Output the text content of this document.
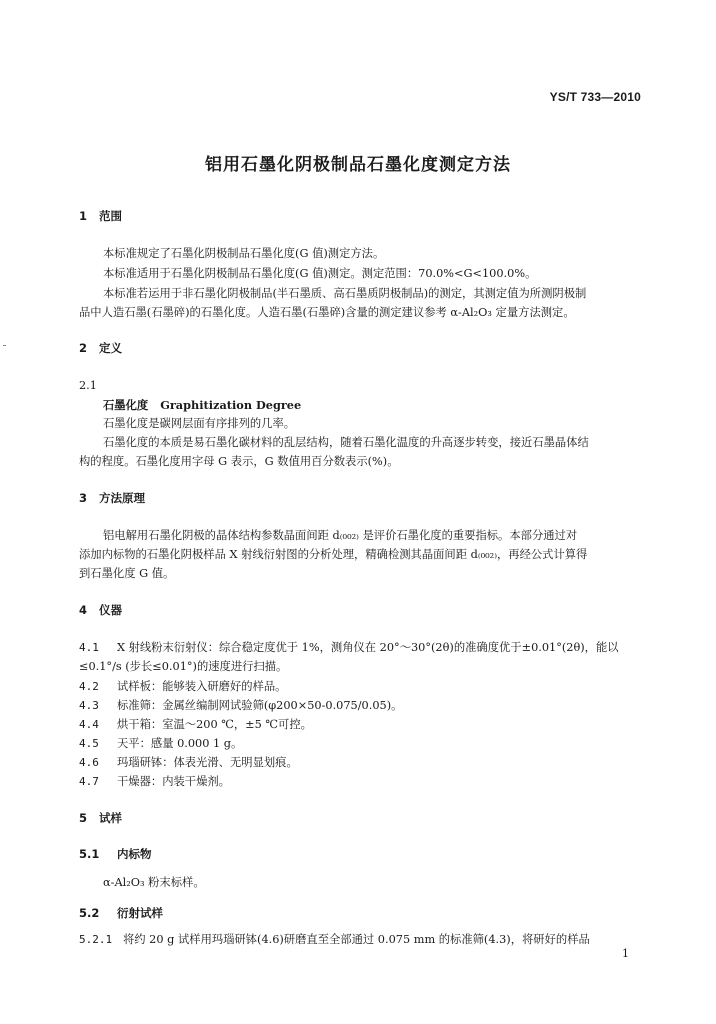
YS/T 733—2010
铝用石墨化阴极制品石墨化度测定方法
1 范围
本标准规定了石墨化阴极制品石墨化度(G 值)测定方法。
本标准适用于石墨化阴极制品石墨化度(G 值)测定。测定范围：70.0%<G<100.0%。
本标准若运用于非石墨化阴极制品(半石墨质、高石墨质阴极制品)的测定，其测定值为所测阴极制
品中人造石墨(石墨碎)的石墨化度。人造石墨(石墨碎)含量的测定建议参考 α-Al₂O₃ 定量方法测定。
2 定义
2.1
石墨化度 Graphitization Degree
石墨化度是碳网层面有序排列的几率。
石墨化度的本质是易石墨化碳材料的乱层结构，随着石墨化温度的升高逐步转变，接近石墨晶体结
构的程度。石墨化度用字母 G 表示，G 数值用百分数表示(%)。
3 方法原理
铝电解用石墨化阴极的晶体结构参数晶面间距 d₍₀₀₂₎ 是评价石墨化度的重要指标。本部分通过对
添加内标物的石墨化阴极样品 X 射线衍射图的分析处理，精确检测其晶面间距 d₍₀₀₂₎，再经公式计算得
到石墨化度 G 值。
4 仪器
4.1 X 射线粉末衍射仪：综合稳定度优于 1%，测角仪在 20°～30°(2θ)的准确度优于±0.01°(2θ)，能以
≤0.1°/s (步长≤0.01°)的速度进行扫描。
4.2 试样板：能够装入研磨好的样品。
4.3 标准筛：金属丝编制网试验筛(φ200×50-0.075/0.05)。
4.4 烘干箱：室温～200 ℃，±5 ℃可控。
4.5 天平：感量 0.000 1 g。
4.6 玛瑙研钵：体表光滑、无明显划痕。
4.7 干燥器：内装干燥剂。
5 试样
5.1 内标物
α-Al₂O₃ 粉末标样。
5.2 衍射试样
5.2.1 将约 20 g 试样用玛瑙研钵(4.6)研磨直至全部通过 0.075 mm 的标准筛(4.3)，将研好的样品
1
